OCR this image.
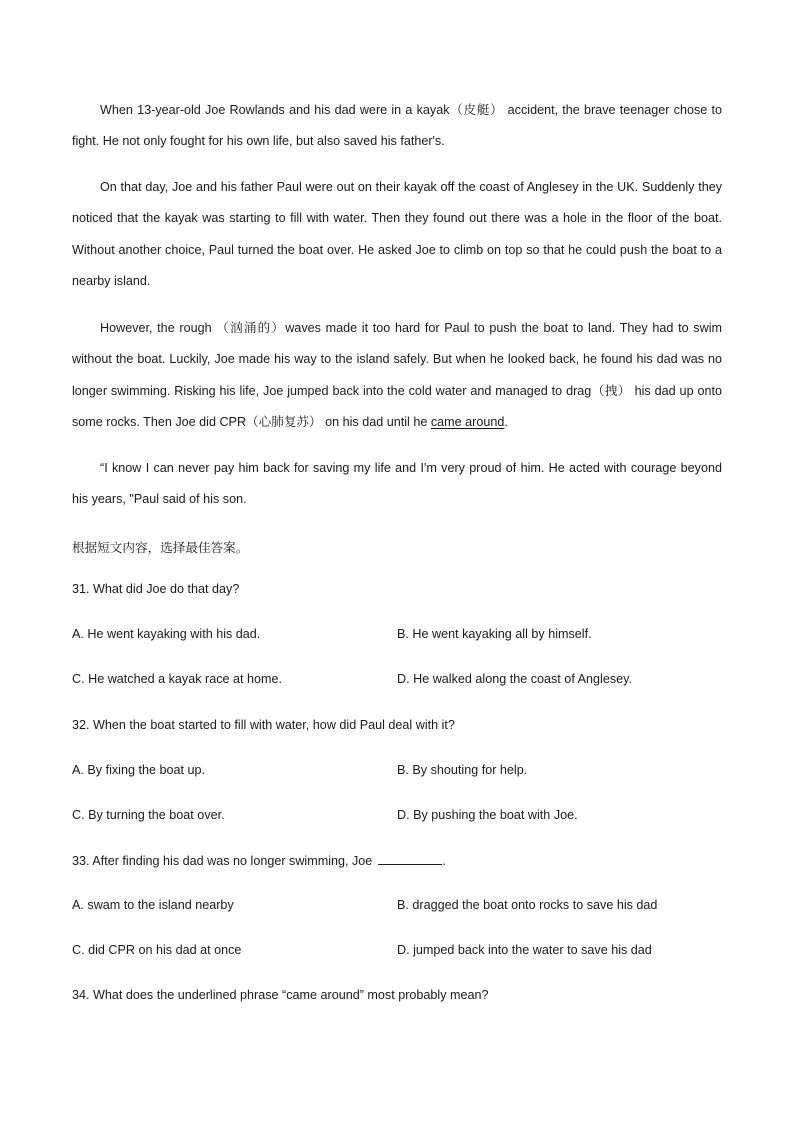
When 13-year-old Joe Rowlands and his dad were in a kayak（皮艇） accident, the brave teenager chose to fight. He not only fought for his own life, but also saved his father's.

On that day, Joe and his father Paul were out on their kayak off the coast of Anglesey in the UK. Suddenly they noticed that the kayak was starting to fill with water. Then they found out there was a hole in the floor of the boat. Without another choice, Paul turned the boat over. He asked Joe to climb on top so that he could push the boat to a nearby island.

However, the rough （汹涌的）waves made it too hard for Paul to push the boat to land. They had to swim without the boat. Luckily, Joe made his way to the island safely. But when he looked back, he found his dad was no longer swimming. Risking his life, Joe jumped back into the cold water and managed to drag（拽） his dad up onto some rocks. Then Joe did CPR（心肺复苏） on his dad until he came around.

“I know I can never pay him back for saving my life and I'm very proud of him. He acted with courage beyond his years, "Paul said of his son.

根据短文内容，选择最佳答案。

31. What did Joe do that day?

A. He went kayaking with his dad.	B. He went kayaking all by himself.

C. He watched a kayak race at home.	D. He walked along the coast of Anglesey.

32. When the boat started to fill with water, how did Paul deal with it?

A. By fixing the boat up.	B. By shouting for help.

C. By turning the boat over.	D. By pushing the boat with Joe.

33. After finding his dad was no longer swimming, Joe	.

A. swam to the island nearby	B. dragged the boat onto rocks to save his dad

C. did CPR on his dad at once	D. jumped back into the water to save his dad

34. What does the underlined phrase “came around” most probably mean?
